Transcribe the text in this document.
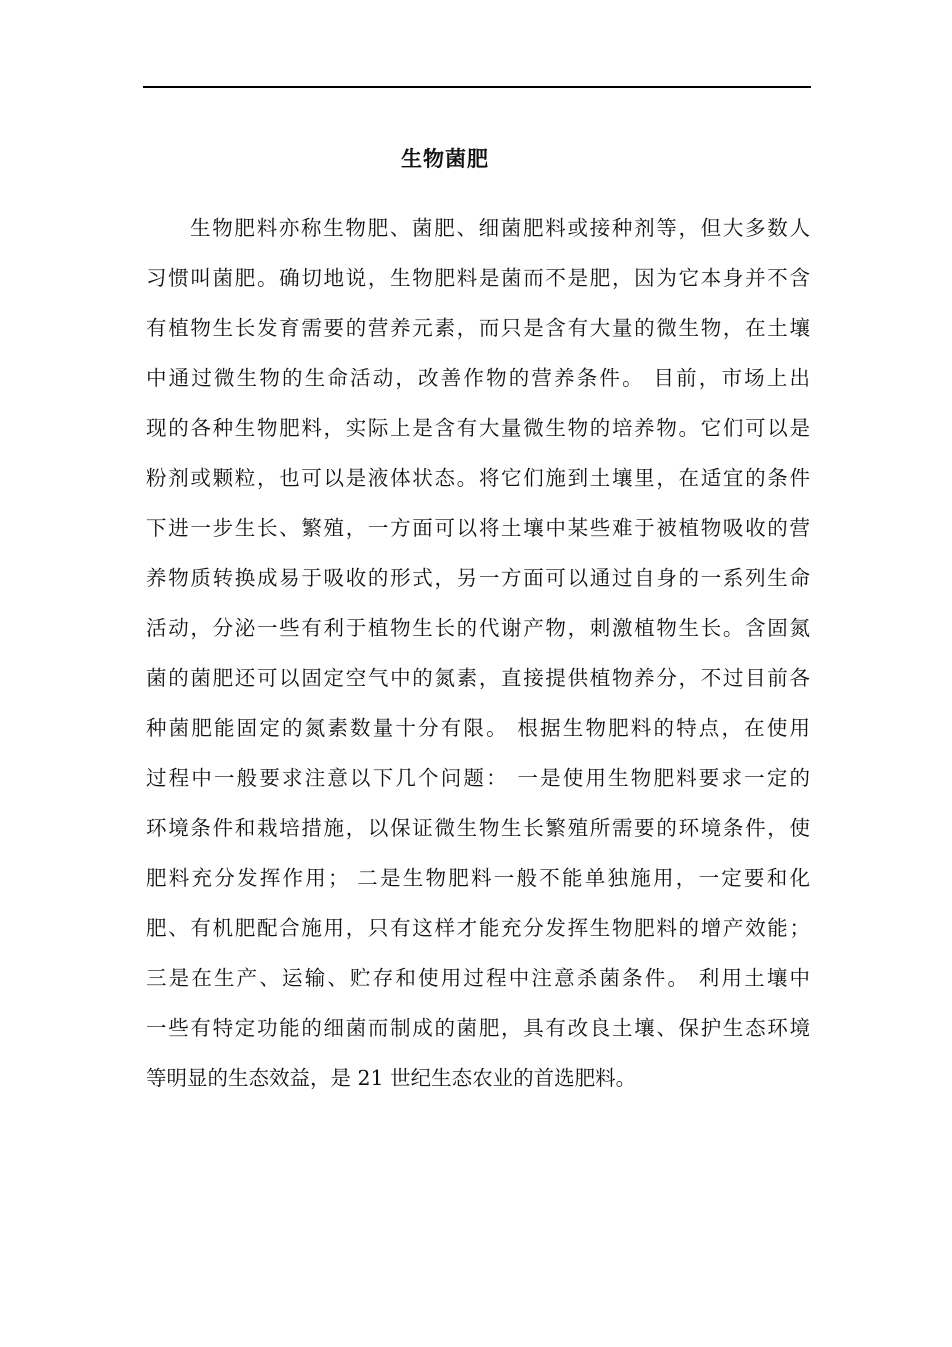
生物菌肥
生物肥料亦称生物肥、菌肥、细菌肥料或接种剂等，但大多数人
习惯叫菌肥。确切地说，生物肥料是菌而不是肥，因为它本身并不含
有植物生长发育需要的营养元素，而只是含有大量的微生物，在土壤
中通过微生物的生命活动，改善作物的营养条件。 目前，市场上出
现的各种生物肥料，实际上是含有大量微生物的培养物。它们可以是
粉剂或颗粒，也可以是液体状态。将它们施到土壤里，在适宜的条件
下进一步生长、繁殖，一方面可以将土壤中某些难于被植物吸收的营
养物质转换成易于吸收的形式，另一方面可以通过自身的一系列生命
活动，分泌一些有利于植物生长的代谢产物，刺激植物生长。含固氮
菌的菌肥还可以固定空气中的氮素，直接提供植物养分，不过目前各
种菌肥能固定的氮素数量十分有限。 根据生物肥料的特点，在使用
过程中一般要求注意以下几个问题： 一是使用生物肥料要求一定的
环境条件和栽培措施，以保证微生物生长繁殖所需要的环境条件，使
肥料充分发挥作用； 二是生物肥料一般不能单独施用，一定要和化
肥、有机肥配合施用，只有这样才能充分发挥生物肥料的增产效能；
三是在生产、运输、贮存和使用过程中注意杀菌条件。 利用土壤中
一些有特定功能的细菌而制成的菌肥，具有改良土壤、保护生态环境
等明显的生态效益，是 21 世纪生态农业的首选肥料。
